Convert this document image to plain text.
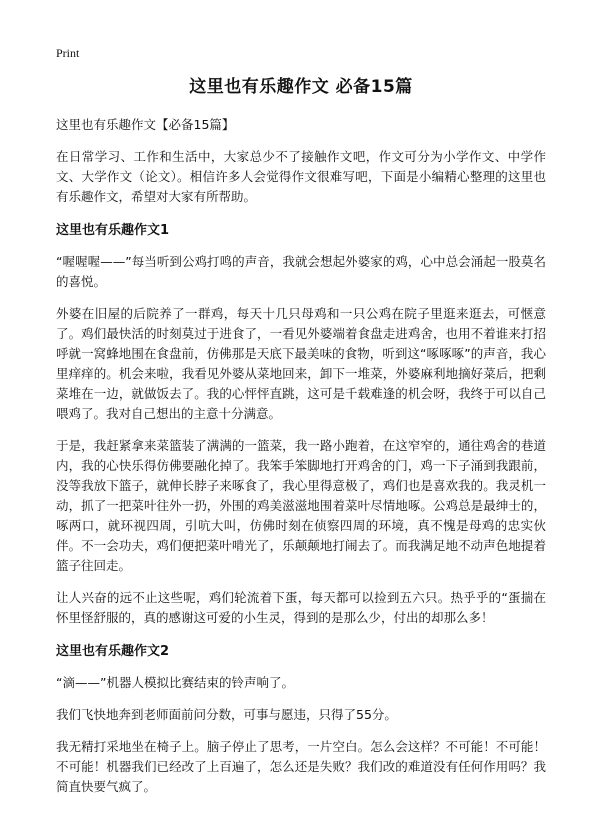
Print
这里也有乐趣作文 必备15篇
这里也有乐趣作文【必备15篇】

在日常学习、工作和生活中，大家总少不了接触作文吧，作文可分为小学作文、中学作文、大学作文（论文）。相信许多人会觉得作文很难写吧，下面是小编精心整理的这里也有乐趣作文，希望对大家有所帮助。

这里也有乐趣作文1

“喔喔喔——”每当听到公鸡打鸣的声音，我就会想起外婆家的鸡，心中总会涌起一股莫名的喜悦。

外婆在旧屋的后院养了一群鸡，每天十几只母鸡和一只公鸡在院子里逛来逛去，可惬意了。鸡们最快活的时刻莫过于进食了，一看见外婆端着食盘走进鸡舍，也用不着谁来打招呼就一窝蜂地围在食盘前，仿佛那是天底下最美味的食物，听到这“啄啄啄”的声音，我心里痒痒的。机会来啦，我看见外婆从菜地回来，卸下一堆菜，外婆麻利地摘好菜后，把剩菜堆在一边，就做饭去了。我的心怦怦直跳，这可是千载难逢的机会呀，我终于可以自己喂鸡了。我对自己想出的主意十分满意。

于是，我赶紧拿来菜篮装了满满的一篮菜，我一路小跑着，在这窄窄的，通往鸡舍的巷道内，我的心快乐得仿佛要融化掉了。我笨手笨脚地打开鸡舍的门，鸡一下子涌到我跟前，没等我放下篮子，就伸长脖子来啄食了，我心里得意极了，鸡们也是喜欢我的。我灵机一动，抓了一把菜叶往外一扔，外围的鸡美滋滋地围着菜叶尽情地啄。公鸡总是最绅士的，啄两口，就环视四周，引吭大叫，仿佛时刻在侦察四周的环境，真不愧是母鸡的忠实伙伴。不一会功夫，鸡们便把菜叶啃光了，乐颠颠地打闹去了。而我满足地不动声色地提着篮子往回走。

让人兴奋的远不止这些呢，鸡们轮流着下蛋，每天都可以捡到五六只。热乎乎的“蛋揣在怀里怪舒服的，真的感谢这可爱的小生灵，得到的是那么少，付出的却那么多！

这里也有乐趣作文2

“滴——”机器人模拟比赛结束的铃声响了。

我们飞快地奔到老师面前问分数，可事与愿违，只得了55分。

我无精打采地坐在椅子上。脑子停止了思考，一片空白。怎么会这样？不可能！不可能！不可能！机器我们已经改了上百遍了，怎么还是失败？我们改的难道没有任何作用吗？我简直快要气疯了。
